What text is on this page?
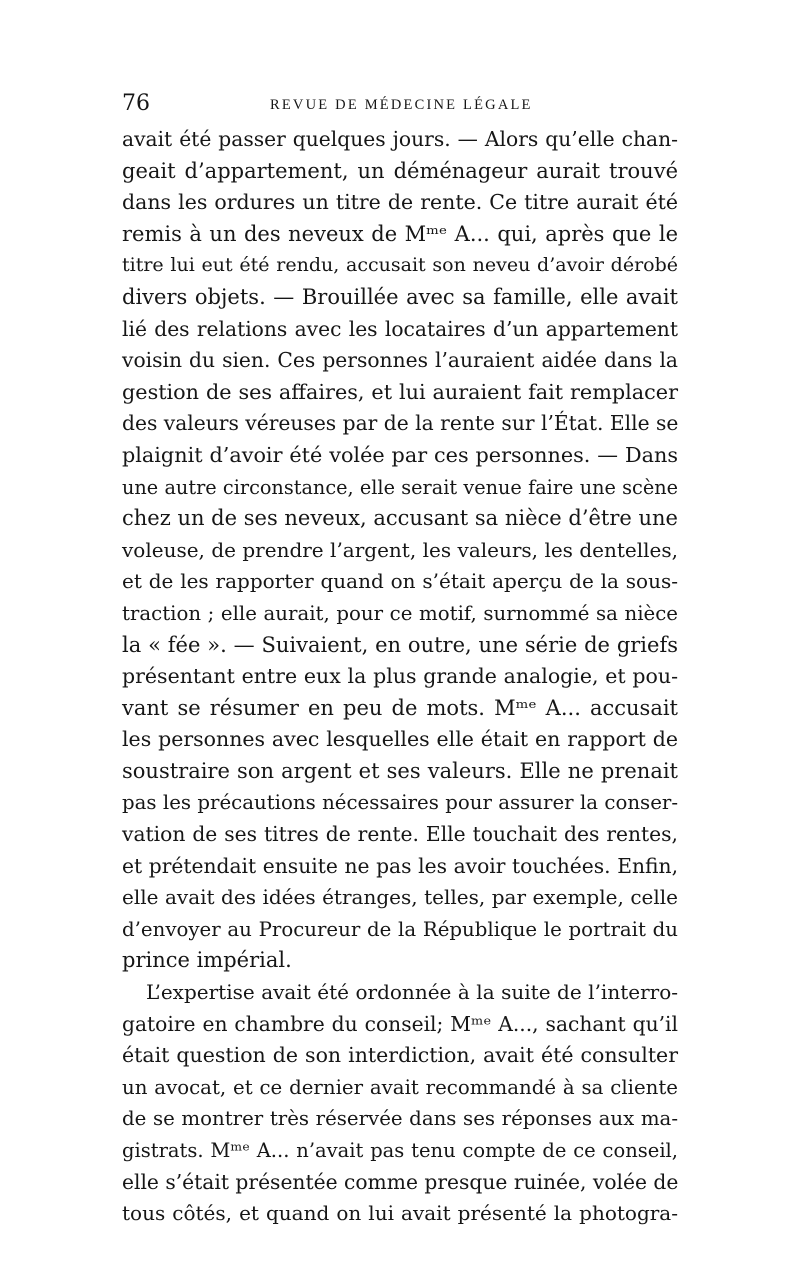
76	REVUE DE MÉDECINE LÉGALE
avait été passer quelques jours. — Alors qu’elle chan-
geait d’appartement, un déménageur aurait trouvé
dans les ordures un titre de rente. Ce titre aurait été
remis à un des neveux de Mᵐᵉ A... qui, après que le
titre lui eut été rendu, accusait son neveu d’avoir dérobé
divers objets. — Brouillée avec sa famille, elle avait
lié des relations avec les locataires d’un appartement
voisin du sien. Ces personnes l’auraient aidée dans la
gestion de ses affaires, et lui auraient fait remplacer
des valeurs véreuses par de la rente sur l’État. Elle se
plaignit d’avoir été volée par ces personnes. — Dans
une autre circonstance, elle serait venue faire une scène
chez un de ses neveux, accusant sa nièce d’être une
voleuse, de prendre l’argent, les valeurs, les dentelles,
et de les rapporter quand on s’était aperçu de la sous-
traction ; elle aurait, pour ce motif, surnommé sa nièce
la « fée ». — Suivaient, en outre, une série de griefs
présentant entre eux la plus grande analogie, et pou-
vant se résumer en peu de mots. Mᵐᵉ A... accusait
les personnes avec lesquelles elle était en rapport de
soustraire son argent et ses valeurs. Elle ne prenait
pas les précautions nécessaires pour assurer la conser-
vation de ses titres de rente. Elle touchait des rentes,
et prétendait ensuite ne pas les avoir touchées. Enfin,
elle avait des idées étranges, telles, par exemple, celle
d’envoyer au Procureur de la République le portrait du
prince impérial.
L’expertise avait été ordonnée à la suite de l’interro-
gatoire en chambre du conseil; Mᵐᵉ A..., sachant qu’il
était question de son interdiction, avait été consulter
un avocat, et ce dernier avait recommandé à sa cliente
de se montrer très réservée dans ses réponses aux ma-
gistrats. Mᵐᵉ A... n’avait pas tenu compte de ce conseil,
elle s’était présentée comme presque ruinée, volée de
tous côtés, et quand on lui avait présenté la photogra-
